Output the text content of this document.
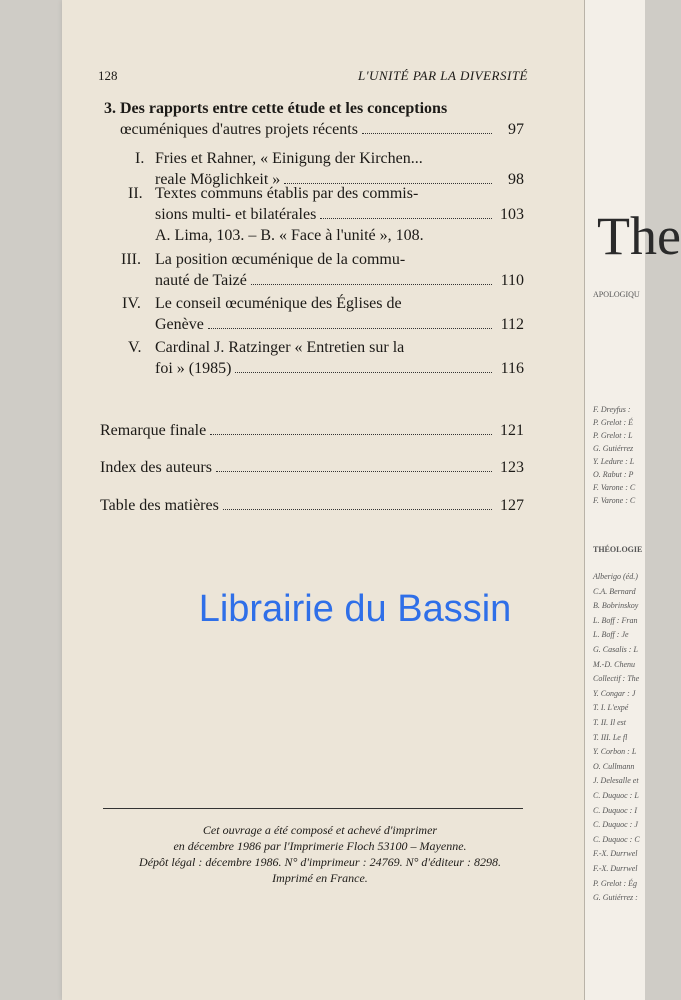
The
APOLOGIQU
THÉOLOGIE
F. Dreyfus :
P. Grelot : É
P. Grelot : L
G. Gutiérrez
Y. Ledure : L
O. Rabut : P
F. Varone : C
F. Varone : C
Alberigo (éd.)
C.A. Bernard
B. Bobrinskoy
L. Boff : Fran
L. Boff : Je
G. Casalis : L
M.-D. Chenu
Collectif : The
Y. Congar : J
T. I. L'expé
T. II. Il est
T. III. Le fl
Y. Corbon : L
O. Cullmann
J. Delesalle et
C. Duquoc : L
C. Duquoc : I
C. Duquoc : J
C. Duquoc : C
F.-X. Durrwel
F.-X. Durrwel
P. Grelot : Ég
G. Gutiérrez :
128	L'UNITÉ PAR LA DIVERSITÉ
3. Des rapports entre cette étude et les conceptions
œcuméniques d'autres projets récents	97
I. Fries et Rahner, « Einigung der Kirchen...
reale Möglichkeit »	98
II. Textes communs établis par des commis-
sions multi- et bilatérales	103
A. Lima, 103. – B. « Face à l'unité », 108.
III. La position œcuménique de la commu-
nauté de Taizé	110
IV. Le conseil œcuménique des Églises de
Genève	112
V. Cardinal J. Ratzinger « Entretien sur la
foi » (1985)	116
Remarque finale	121
Index des auteurs	123
Table des matières	127
Librairie du Bassin
Cet ouvrage a été composé et achevé d'imprimer
en décembre 1986 par l'Imprimerie Floch 53100 – Mayenne.
Dépôt légal : décembre 1986. N° d'imprimeur : 24769. N° d'éditeur : 8298.
Imprimé en France.
